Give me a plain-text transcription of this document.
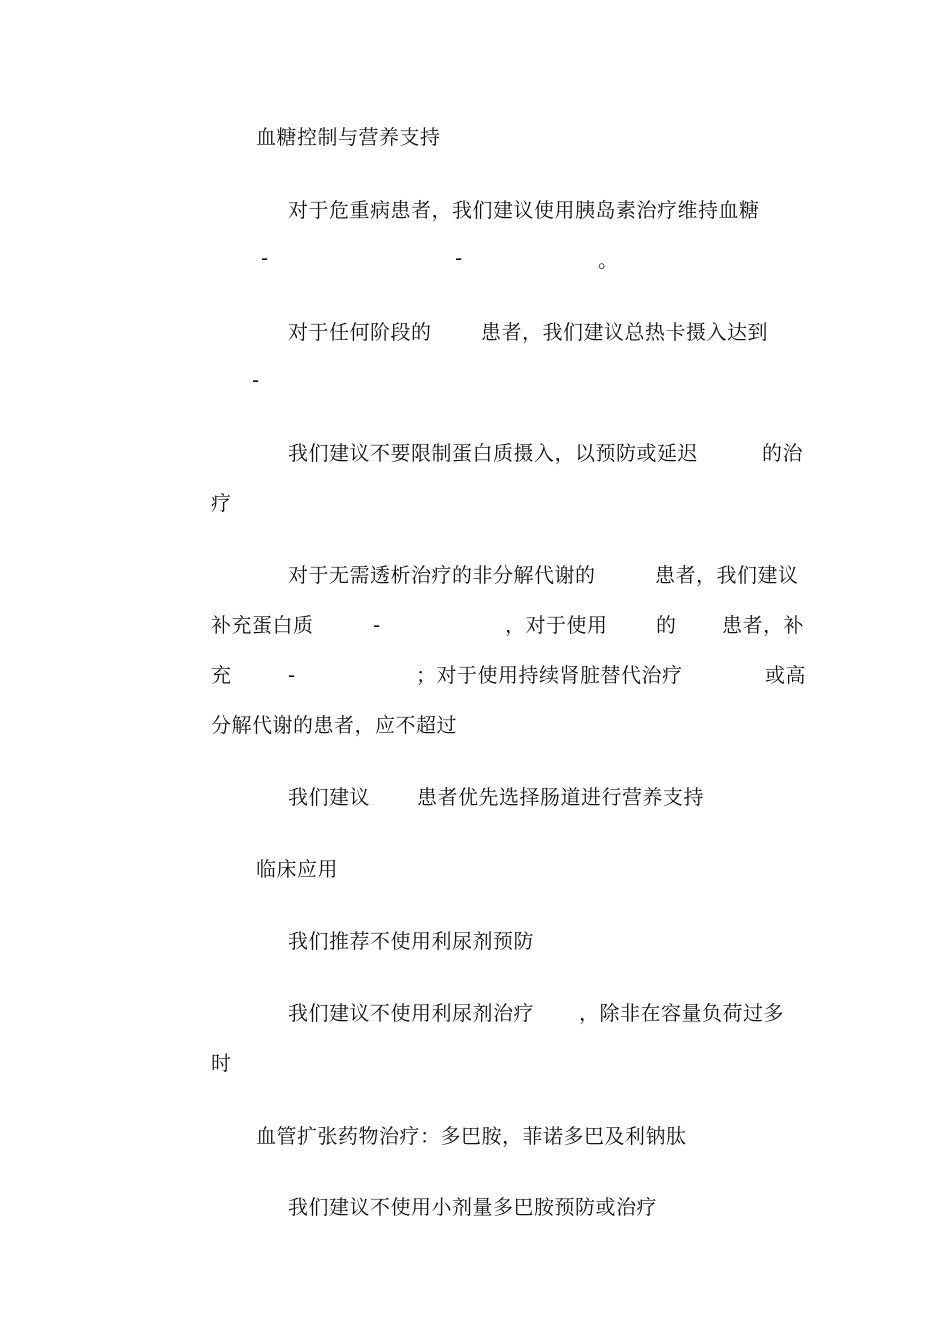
血糖控制与营养支持
对于危重病患者，我们建议使用胰岛素治疗维持血糖
-	-	。
对于任何阶段的 患者，我们建议总热卡摄入达到
-
我们建议不要限制蛋白质摄入，以预防或延迟	的治
疗
对于无需透析治疗的非分解代谢的	患者，我们建议
补充蛋白质	-	，对于使用 的 患者，补
充	-	；对于使用持续肾脏替代治疗	或高
分解代谢的患者，应不超过
我们建议 患者优先选择肠道进行营养支持
临床应用
我们推荐不使用利尿剂预防
我们建议不使用利尿剂治疗 ，除非在容量负荷过多
时
血管扩张药物治疗：多巴胺，菲诺多巴及利钠肽
我们建议不使用小剂量多巴胺预防或治疗
